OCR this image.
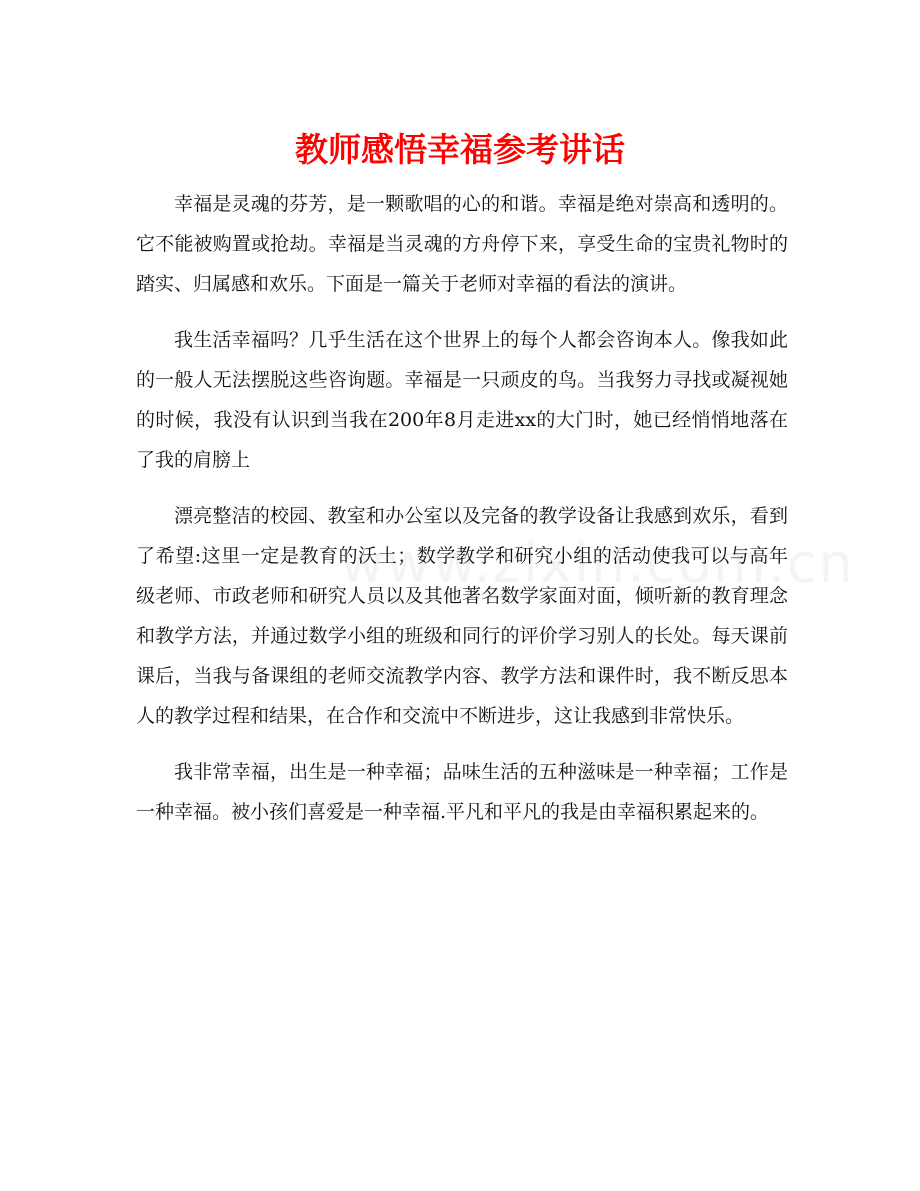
教师感悟幸福参考讲话

幸福是灵魂的芬芳，是一颗歌唱的心的和谐。幸福是绝对崇高和透明的。它不能被购置或抢劫。幸福是当灵魂的方舟停下来，享受生命的宝贵礼物时的踏实、归属感和欢乐。下面是一篇关于老师对幸福的看法的演讲。

我生活幸福吗？几乎生活在这个世界上的每个人都会咨询本人。像我如此的一般人无法摆脱这些咨询题。幸福是一只顽皮的鸟。当我努力寻找或凝视她的时候，我没有认识到当我在200年8月走进xx的大门时，她已经悄悄地落在了我的肩膀上

漂亮整洁的校园、教室和办公室以及完备的教学设备让我感到欢乐，看到了希望:这里一定是教育的沃土；数学教学和研究小组的活动使我可以与高年级老师、市政老师和研究人员以及其他著名数学家面对面，倾听新的教育理念和教学方法，并通过数学小组的班级和同行的评价学习别人的长处。每天课前课后，当我与备课组的老师交流教学内容、教学方法和课件时，我不断反思本人的教学过程和结果，在合作和交流中不断进步，这让我感到非常快乐。

我非常幸福，出生是一种幸福；品味生活的五种滋味是一种幸福；工作是一种幸福。被小孩们喜爱是一种幸福.平凡和平凡的我是由幸福积累起来的。
